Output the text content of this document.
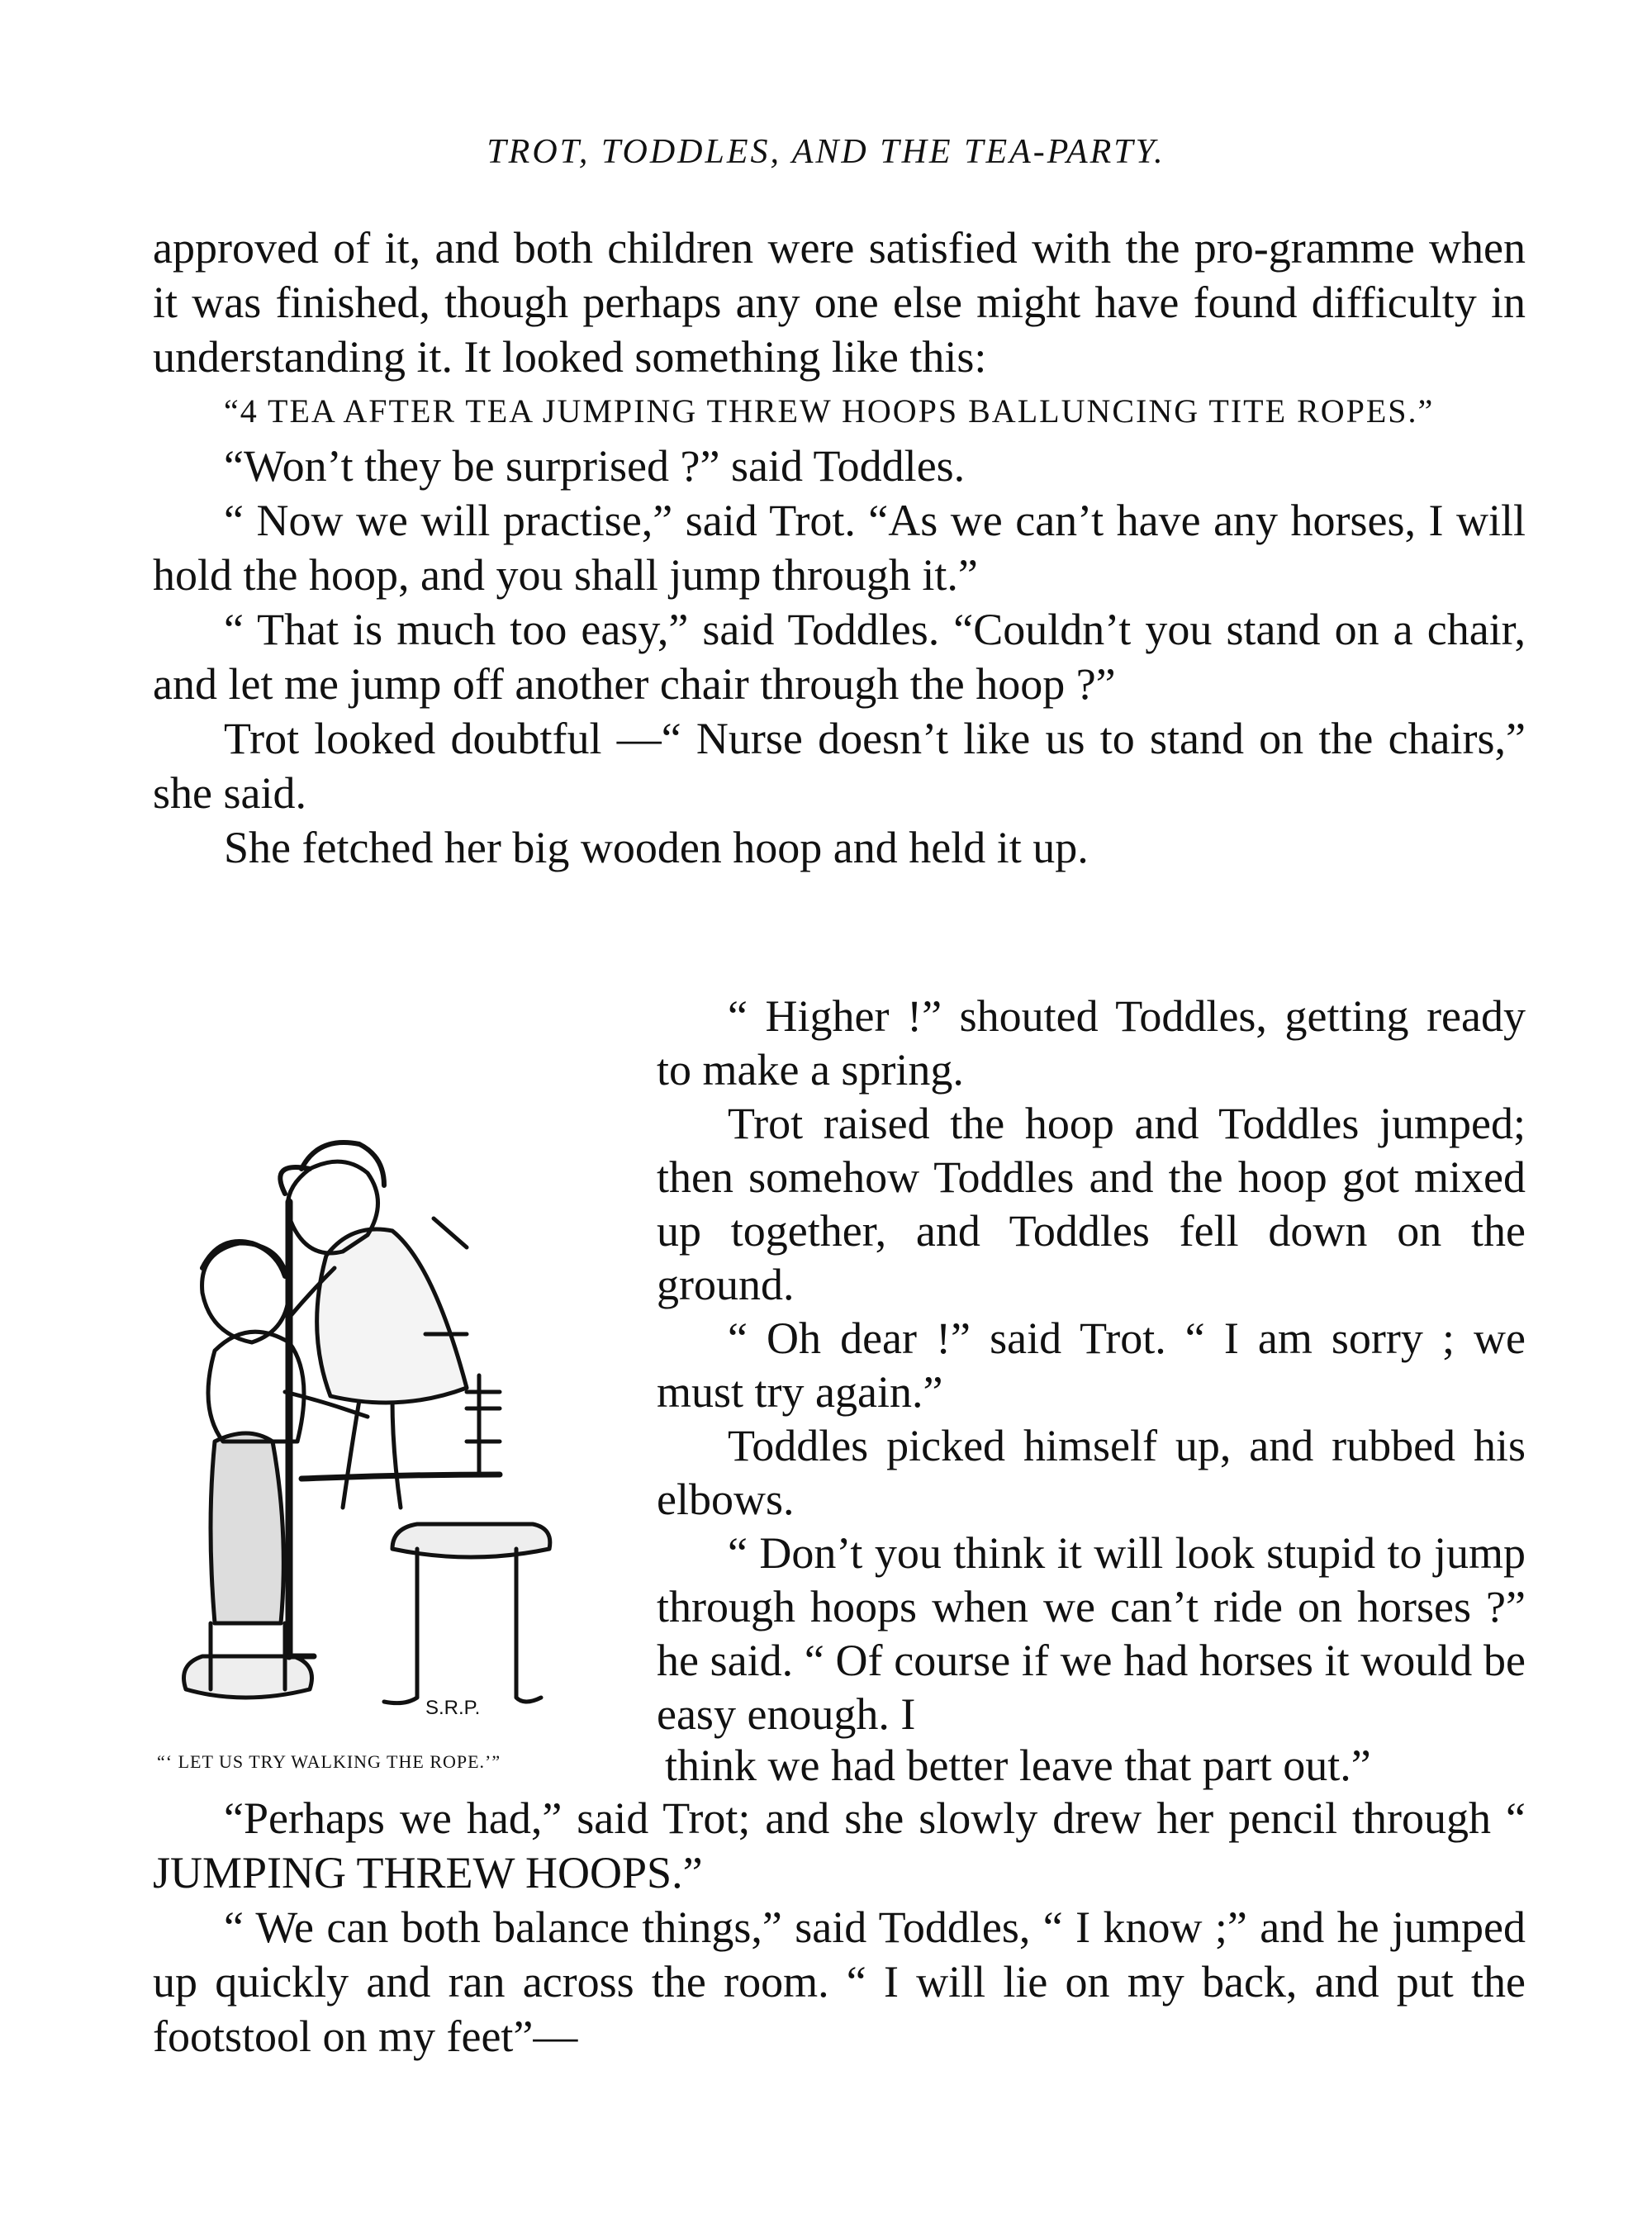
TROT, TODDLES, AND THE TEA-PARTY.

approved of it, and both children were satisfied with the pro-gramme when it was finished, though perhaps any one else might have found difficulty in understanding it. It looked something like this:

“4 TEA AFTER TEA JUMPING THREW HOOPS BALLUNCING TITE ROPES.”

“Won’t they be surprised ?” said Toddles.

“ Now we will practise,” said Trot. “As we can’t have any horses, I will hold the hoop, and you shall jump through it.”

“ That is much too easy,” said Toddles. “Couldn’t you stand on a chair, and let me jump off another chair through the hoop ?”

Trot looked doubtful —“ Nurse doesn’t like us to stand on the chairs,” she said.

She fetched her big wooden hoop and held it up.

S.R.P.

“ Higher !” shouted Toddles, getting ready to make a spring.

Trot raised the hoop and Toddles jumped; then somehow Toddles and the hoop got mixed up together, and Toddles fell down on the ground.

“ Oh dear !” said Trot. “ I am sorry ; we must try again.”

Toddles picked himself up, and rubbed his elbows.

“ Don’t you think it will look stupid to jump through hoops when we can’t ride on horses ?” he said. “ Of course if we had horses it would be easy enough. I

“‘ LET US TRY WALKING THE ROPE.’”	think we had better leave that part out.”

“Perhaps we had,” said Trot; and she slowly drew her pencil through “ JUMPING THREW HOOPS.”

“ We can both balance things,” said Toddles, “ I know ;” and he jumped up quickly and ran across the room. “ I will lie on my back, and put the footstool on my feet”—
